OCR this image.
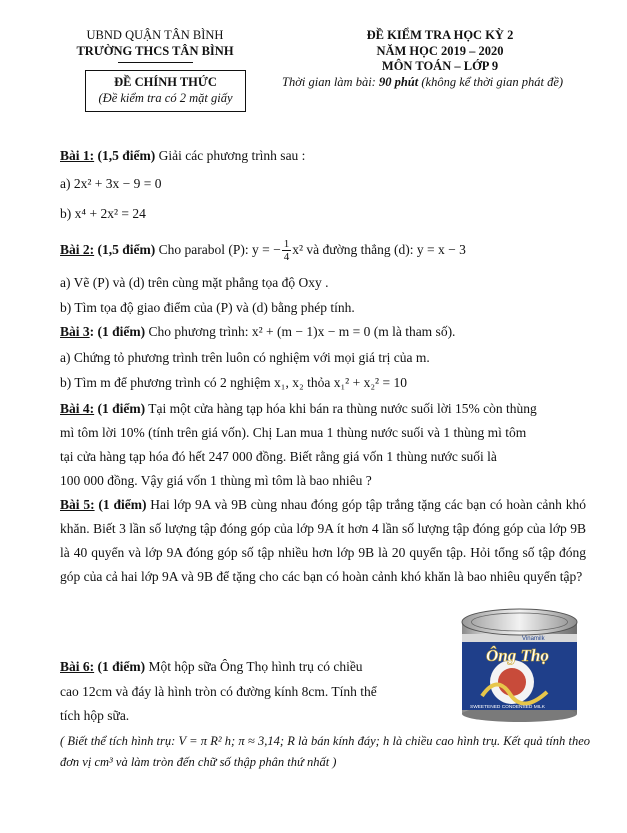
UBND QUẬN TÂN BÌNH
TRƯỜNG THCS TÂN BÌNH
ĐỀ CHÍNH THỨC
(Đề kiểm tra có 2 mặt giấy
ĐỀ KIỂM TRA HỌC KỲ 2
NĂM HỌC 2019 – 2020
MÔN TOÁN – LỚP 9
Thời gian làm bài: 90 phút (không kể thời gian phát đề)
Bài 1: (1,5 điểm) Giải các phương trình sau :
a) 2x² + 3x − 9 = 0
b) x⁴ + 2x² = 24
Bài 2: (1,5 điểm) Cho parabol (P): y = − $\frac{1}{4} x^2$ và đường thẳng (d): y = x − 3
a) Vẽ (P) và (d) trên cùng mặt phẳng tọa độ Oxy .
b) Tìm tọa độ giao điểm của (P) và (d) bằng phép tính.
Bài 3: (1 điểm) Cho phương trình: x² + (m − 1)x − m = 0 (m là tham số).
a) Chứng tỏ phương trình trên luôn có nghiệm với mọi giá trị của m.
b) Tìm m để phương trình có 2 nghiệm x₁, x₂ thỏa x₁² + x₂² = 10
Bài 4: (1 điểm) Tại một cửa hàng tạp hóa khi bán ra thùng nước suối lời 15% còn thùng
mì tôm lời 10% (tính trên giá vốn). Chị Lan mua 1 thùng nước suối và 1 thùng mì tôm
tại cửa hàng tạp hóa đó hết 247 000 đồng. Biết rằng giá vốn 1 thùng nước suối là
100 000 đồng. Vậy giá vốn 1 thùng mì tôm là bao nhiêu ?
Bài 5: (1 điểm) Hai lớp 9A và 9B cùng nhau đóng góp tập trắng tặng các bạn có hoàn cảnh khó khăn. Biết 3 lần số lượng tập đóng góp của lớp 9A ít hơn 4 lần số lượng tập đóng góp của lớp 9B là 40 quyển và lớp 9A đóng góp số tập nhiều hơn lớp 9B là 20 quyển tập. Hỏi tổng số tập đóng góp của cả hai lớp 9A và 9B để tặng cho các bạn có hoàn cảnh khó khăn là bao nhiêu quyển tập?
Bài 6: (1 điểm) Một hộp sữa Ông Thọ hình trụ có chiều
cao 12cm và đáy là hình tròn có đường kính 8cm. Tính thể
tích hộp sữa.
( Biết thể tích hình trụ: V = π R² h; π ≈ 3,14; R là bán kính đáy; h là chiều cao hình trụ. Kết quả tính theo đơn vị cm³ và làm tròn đến chữ số thập phân thứ nhất )
Vinamilk
Ông Thọ
SWEETENED CONDENSED MILK
